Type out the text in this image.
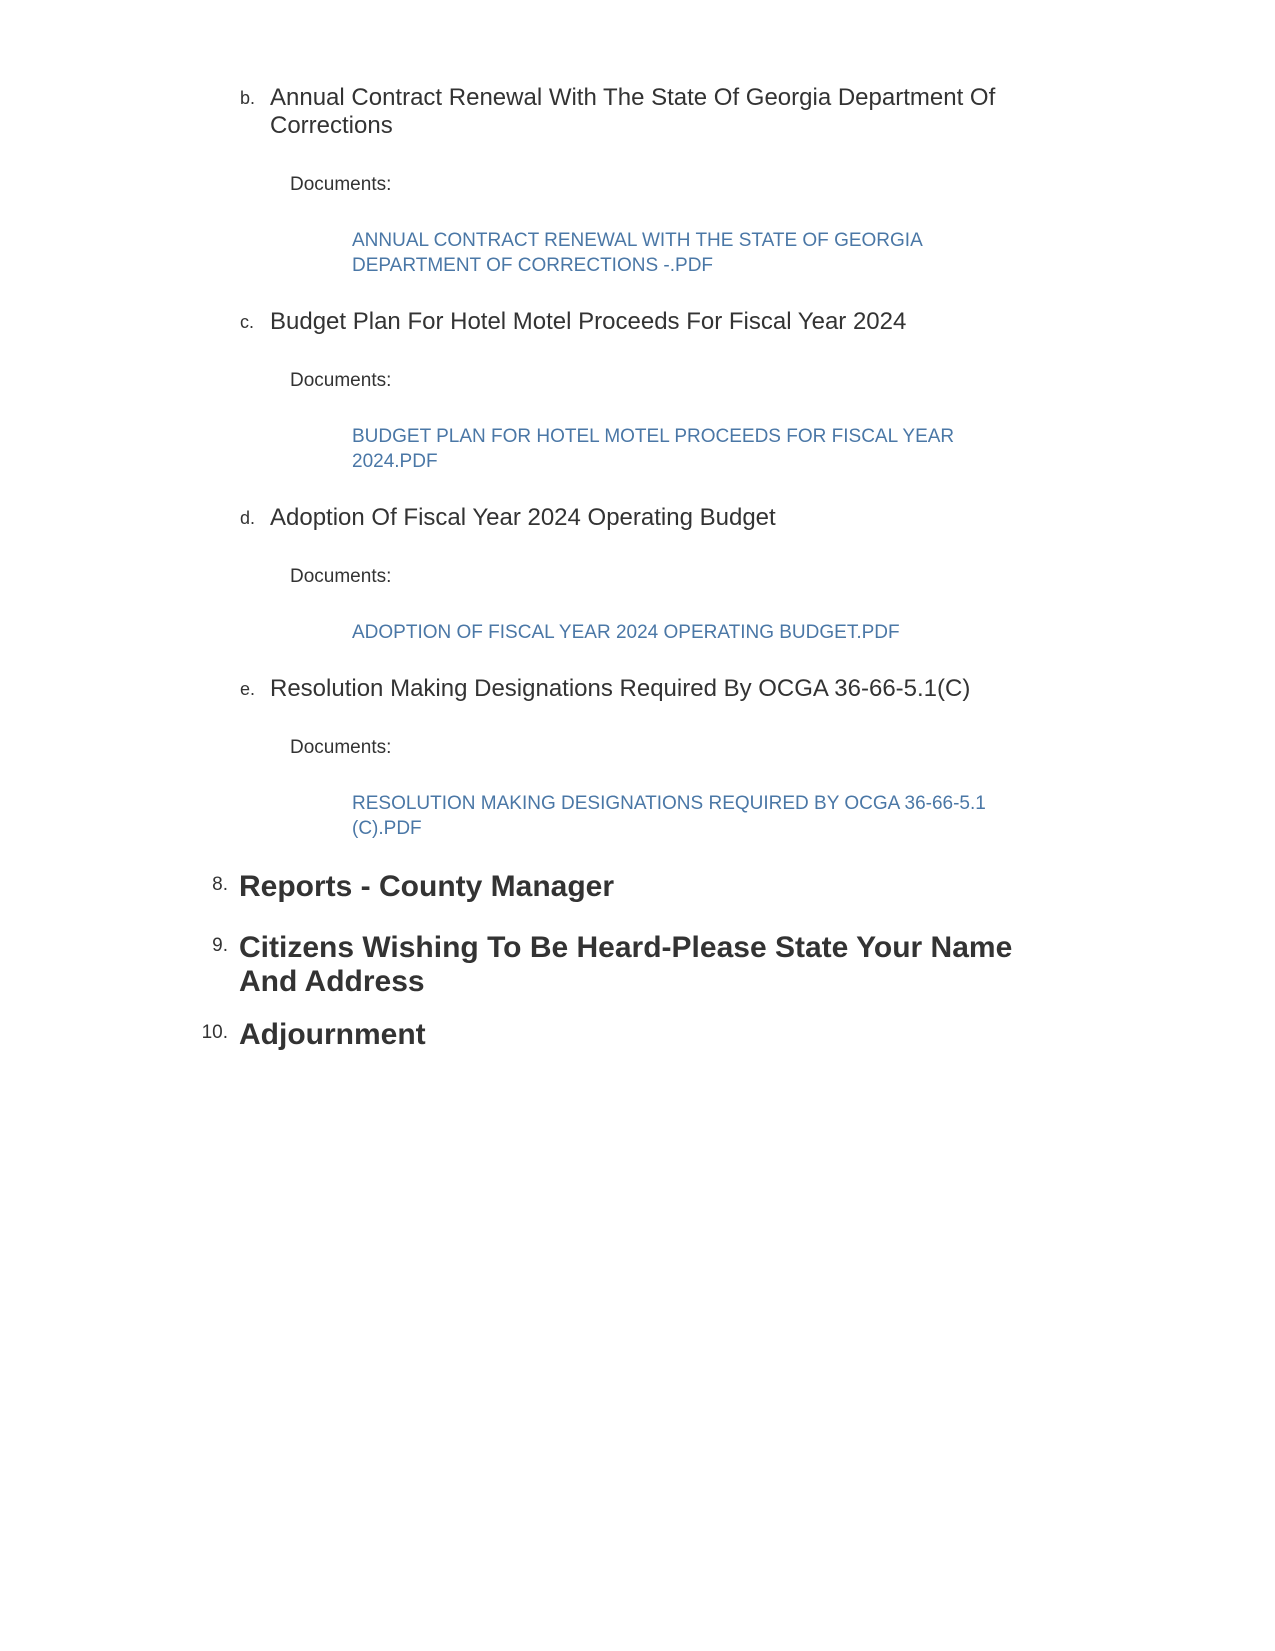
b. Annual Contract Renewal With The State Of Georgia Department Of Corrections
Documents:
ANNUAL CONTRACT RENEWAL WITH THE STATE OF GEORGIA DEPARTMENT OF CORRECTIONS -.PDF
c. Budget Plan For Hotel Motel Proceeds For Fiscal Year 2024
Documents:
BUDGET PLAN FOR HOTEL MOTEL PROCEEDS FOR FISCAL YEAR 2024.PDF
d. Adoption Of Fiscal Year 2024 Operating Budget
Documents:
ADOPTION OF FISCAL YEAR 2024 OPERATING BUDGET.PDF
e. Resolution Making Designations Required By OCGA 36-66-5.1(C)
Documents:
RESOLUTION MAKING DESIGNATIONS REQUIRED BY OCGA 36-66-5.1 (C).PDF
8. Reports - County Manager
9. Citizens Wishing To Be Heard-Please State Your Name And Address
10. Adjournment
